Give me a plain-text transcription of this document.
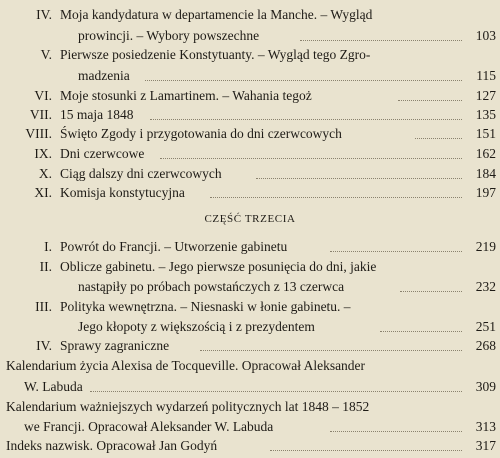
IV. Moja kandydatura w departamencie la Manche. – Wygląd
prowincji. – Wybory powszechne	103
V. Pierwsze posiedzenie Konstytuanty. – Wygląd tego Zgro-
madzenia	115
VI. Moje stosunki z Lamartinem. – Wahania tegoż	127
VII. 15 maja 1848	135
VIII. Święto Zgody i przygotowania do dni czerwcowych	151
IX. Dni czerwcowe	162
X. Ciąg dalszy dni czerwcowych	184
XI. Komisja konstytucyjna	197
CZĘŚĆ TRZECIA
I. Powrót do Francji. – Utworzenie gabinetu	219
II. Oblicze gabinetu. – Jego pierwsze posunięcia do dni, jakie
nastąpiły po próbach powstańczych z 13 czerwca	232
III. Polityka wewnętrzna. – Niesnaski w łonie gabinetu. –
Jego kłopoty z większością i z prezydentem	251
IV. Sprawy zagraniczne	268
Kalendarium życia Alexisa de Tocqueville. Opracował Aleksander
W. Labuda	309
Kalendarium ważniejszych wydarzeń politycznych lat 1848 – 1852
we Francji. Opracował Aleksander W. Labuda	313
Indeks nazwisk. Opracował Jan Godyń	317
